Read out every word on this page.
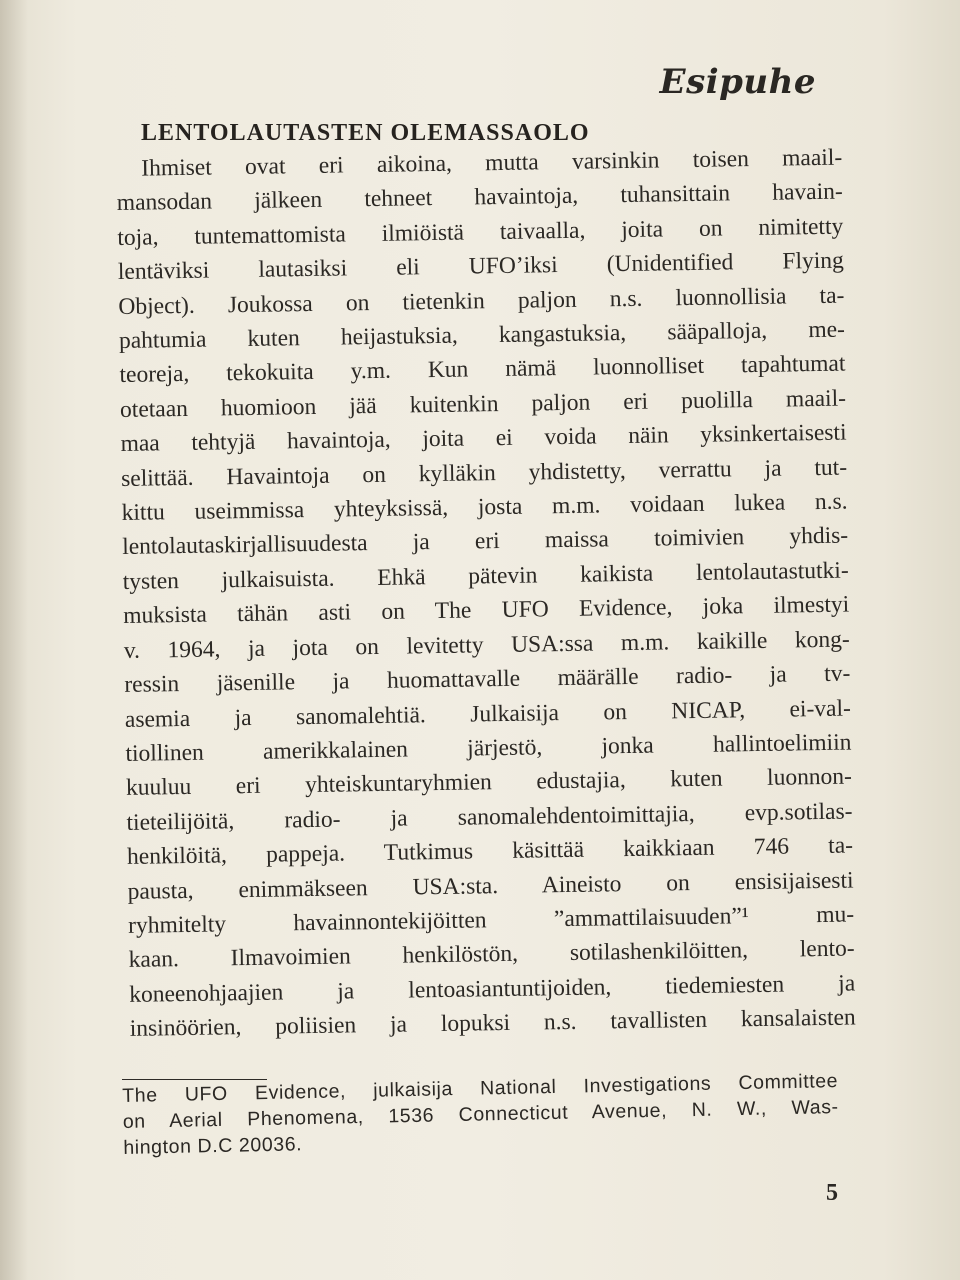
Esipuhe
LENTOLAUTASTEN OLEMASSAOLO
Ihmiset ovat eri aikoina, mutta varsinkin toisen maail-
mansodan jälkeen tehneet havaintoja, tuhansittain havain-
toja, tuntemattomista ilmiöistä taivaalla, joita on nimitetty
lentäviksi lautasiksi eli UFO’iksi (Unidentified Flying
Object). Joukossa on tietenkin paljon n.s. luonnollisia ta-
pahtumia kuten heijastuksia, kangastuksia, sääpalloja, me-
teoreja, tekokuita y.m. Kun nämä luonnolliset tapahtumat
otetaan huomioon jää kuitenkin paljon eri puolilla maail-
maa tehtyjä havaintoja, joita ei voida näin yksinkertaisesti
selittää. Havaintoja on kylläkin yhdistetty, verrattu ja tut-
kittu useimmissa yhteyksissä, josta m.m. voidaan lukea n.s.
lentolautaskirjallisuudesta ja eri maissa toimivien yhdis-
tysten julkaisuista. Ehkä pätevin kaikista lentolautastutki-
muksista tähän asti on The UFO Evidence, joka ilmestyi
v. 1964, ja jota on levitetty USA:ssa m.m. kaikille kong-
ressin jäsenille ja huomattavalle määrälle radio- ja tv-
asemia ja sanomalehtiä. Julkaisija on NICAP, ei-val-
tiollinen amerikkalainen järjestö, jonka hallintoelimiin
kuuluu eri yhteiskuntaryhmien edustajia, kuten luonnon-
tieteilijöitä, radio- ja sanomalehdentoimittajia, evp.sotilas-
henkilöitä, pappeja. Tutkimus käsittää kaikkiaan 746 ta-
pausta, enimmäkseen USA:sta. Aineisto on ensisijaisesti
ryhmitelty havainnontekijöitten ”ammattilaisuuden”¹ mu-
kaan. Ilmavoimien henkilöstön, sotilashenkilöitten, lento-
koneenohjaajien ja lentoasiantuntijoiden, tiedemiesten ja
insinöörien, poliisien ja lopuksi n.s. tavallisten kansalaisten
The UFO Evidence, julkaisija National Investigations Committee
on Aerial Phenomena, 1536 Connecticut Avenue, N. W., Was-
hington D.C 20036.

5
